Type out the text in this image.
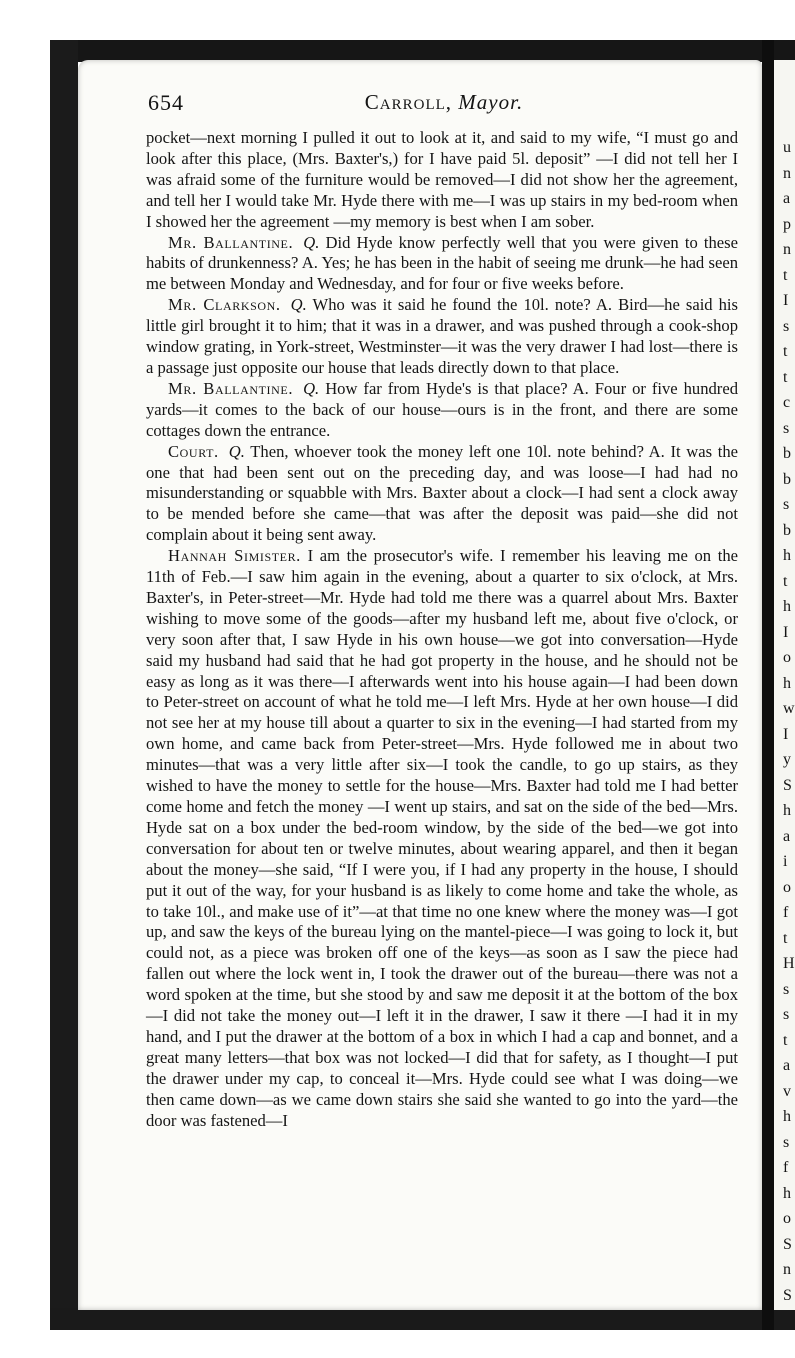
u
n
a
p
n
t
I
s
t
t
c
s
b
b
s
b
h
t
h
I
o
h
w
I
y
S
h
a
i
o
f
t
H
s
s
t
a
v
h
s
f
h
o
S
n
S
654	Carroll, Mayor.

pocket—next morning I pulled it out to look at it, and said to my wife, “I must go and look after this place, (Mrs. Baxter's,) for I have paid 5l. deposit” —I did not tell her I was afraid some of the furniture would be removed—I did not show her the agreement, and tell her I would take Mr. Hyde there with me—I was up stairs in my bed-room when I showed her the agreement —my memory is best when I am sober.

Mr. Ballantine. Q. Did Hyde know perfectly well that you were given to these habits of drunkenness? A. Yes; he has been in the habit of seeing me drunk—he had seen me between Monday and Wednesday, and for four or five weeks before.

Mr. Clarkson. Q. Who was it said he found the 10l. note? A. Bird—he said his little girl brought it to him; that it was in a drawer, and was pushed through a cook-shop window grating, in York-street, Westminster—it was the very drawer I had lost—there is a passage just opposite our house that leads directly down to that place.

Mr. Ballantine. Q. How far from Hyde's is that place? A. Four or five hundred yards—it comes to the back of our house—ours is in the front, and there are some cottages down the entrance.

Court. Q. Then, whoever took the money left one 10l. note behind? A. It was the one that had been sent out on the preceding day, and was loose—I had had no misunderstanding or squabble with Mrs. Baxter about a clock—I had sent a clock away to be mended before she came—that was after the deposit was paid—she did not complain about it being sent away.

Hannah Simister. I am the prosecutor's wife. I remember his leaving me on the 11th of Feb.—I saw him again in the evening, about a quarter to six o'clock, at Mrs. Baxter's, in Peter-street—Mr. Hyde had told me there was a quarrel about Mrs. Baxter wishing to move some of the goods—after my husband left me, about five o'clock, or very soon after that, I saw Hyde in his own house—we got into conversation—Hyde said my husband had said that he had got property in the house, and he should not be easy as long as it was there—I afterwards went into his house again—I had been down to Peter-street on account of what he told me—I left Mrs. Hyde at her own house—I did not see her at my house till about a quarter to six in the evening—I had started from my own home, and came back from Peter-street—Mrs. Hyde followed me in about two minutes—that was a very little after six—I took the candle, to go up stairs, as they wished to have the money to settle for the house—Mrs. Baxter had told me I had better come home and fetch the money —I went up stairs, and sat on the side of the bed—Mrs. Hyde sat on a box under the bed-room window, by the side of the bed—we got into conversation for about ten or twelve minutes, about wearing apparel, and then it began about the money—she said, “If I were you, if I had any property in the house, I should put it out of the way, for your husband is as likely to come home and take the whole, as to take 10l., and make use of it”—at that time no one knew where the money was—I got up, and saw the keys of the bureau lying on the mantel-piece—I was going to lock it, but could not, as a piece was broken off one of the keys—as soon as I saw the piece had fallen out where the lock went in, I took the drawer out of the bureau—there was not a word spoken at the time, but she stood by and saw me deposit it at the bottom of the box—I did not take the money out—I left it in the drawer, I saw it there —I had it in my hand, and I put the drawer at the bottom of a box in which I had a cap and bonnet, and a great many letters—that box was not locked—I did that for safety, as I thought—I put the drawer under my cap, to conceal it—Mrs. Hyde could see what I was doing—we then came down—as we came down stairs she said she wanted to go into the yard—the door was fastened—I
